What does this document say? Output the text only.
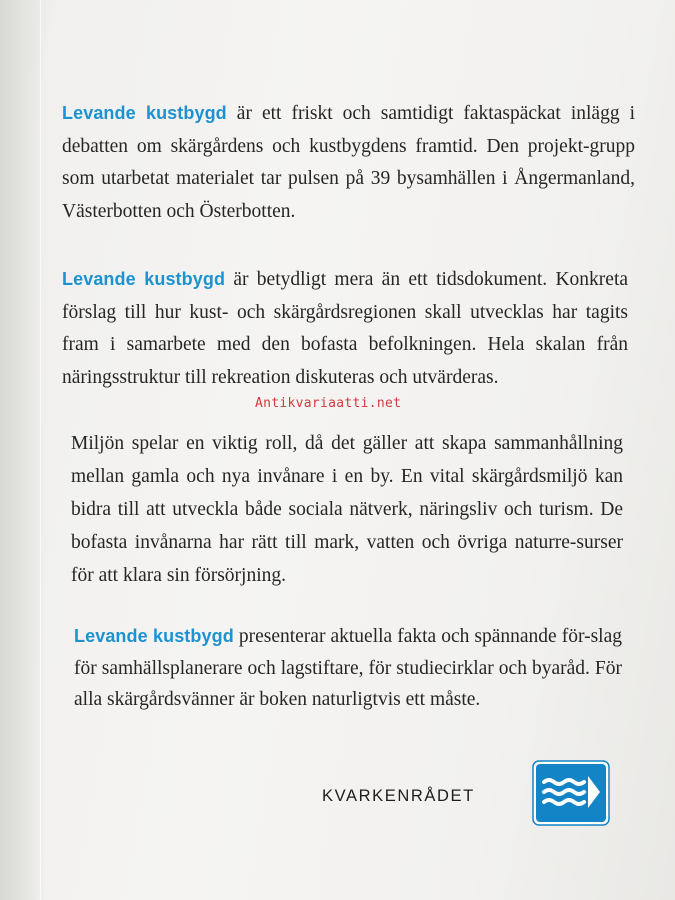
Levande kustbygd är ett friskt och samtidigt faktaspäckat inlägg i debatten om skärgårdens och kustbygdens framtid. Den projekt-grupp som utarbetat materialet tar pulsen på 39 bysamhällen i Ångermanland, Västerbotten och Österbotten.

Levande kustbygd är betydligt mera än ett tidsdokument. Konkreta förslag till hur kust- och skärgårdsregionen skall utvecklas har tagits fram i samarbete med den bofasta befolkningen. Hela skalan från näringsstruktur till rekreation diskuteras och utvärderas.

Antikvariaatti.net

Miljön spelar en viktig roll, då det gäller att skapa sammanhållning mellan gamla och nya invånare i en by. En vital skärgårdsmiljö kan bidra till att utveckla både sociala nätverk, näringsliv och turism. De bofasta invånarna har rätt till mark, vatten och övriga naturre-surser för att klara sin försörjning.

Levande kustbygd presenterar aktuella fakta och spännande för-slag för samhällsplanerare och lagstiftare, för studiecirklar och byaråd. För alla skärgårdsvänner är boken naturligtvis ett måste.

KVARKENRÅDET
